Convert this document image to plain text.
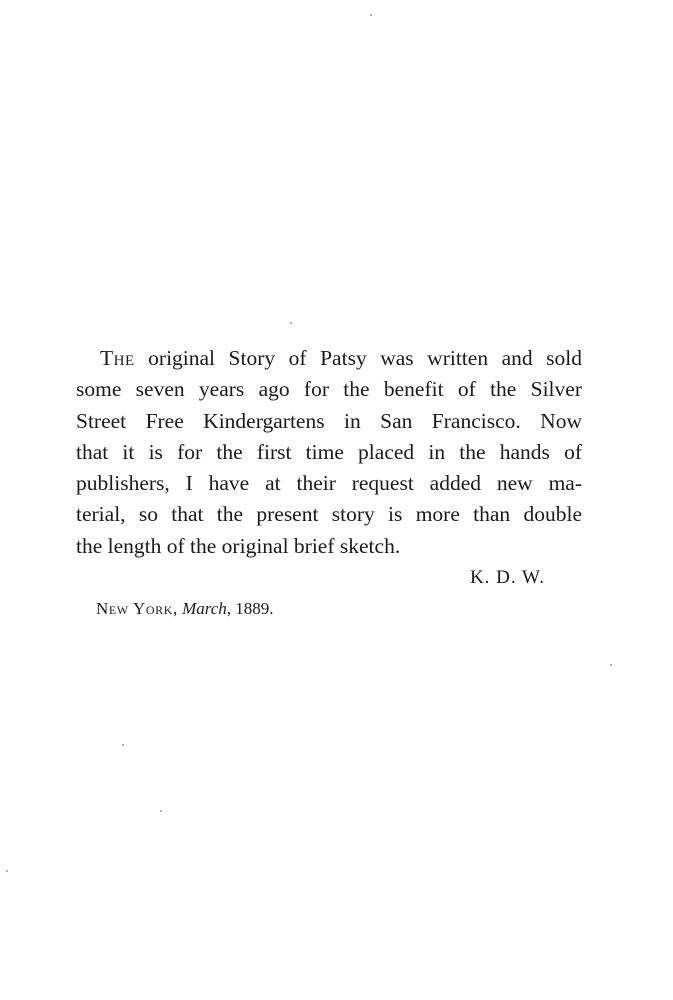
The original Story of Patsy was written and sold
some seven years ago for the benefit of the Silver
Street Free Kindergartens in San Francisco. Now
that it is for the first time placed in the hands of
publishers, I have at their request added new ma-
terial, so that the present story is more than double
the length of the original brief sketch.
K. D. W.
New York, March, 1889.
